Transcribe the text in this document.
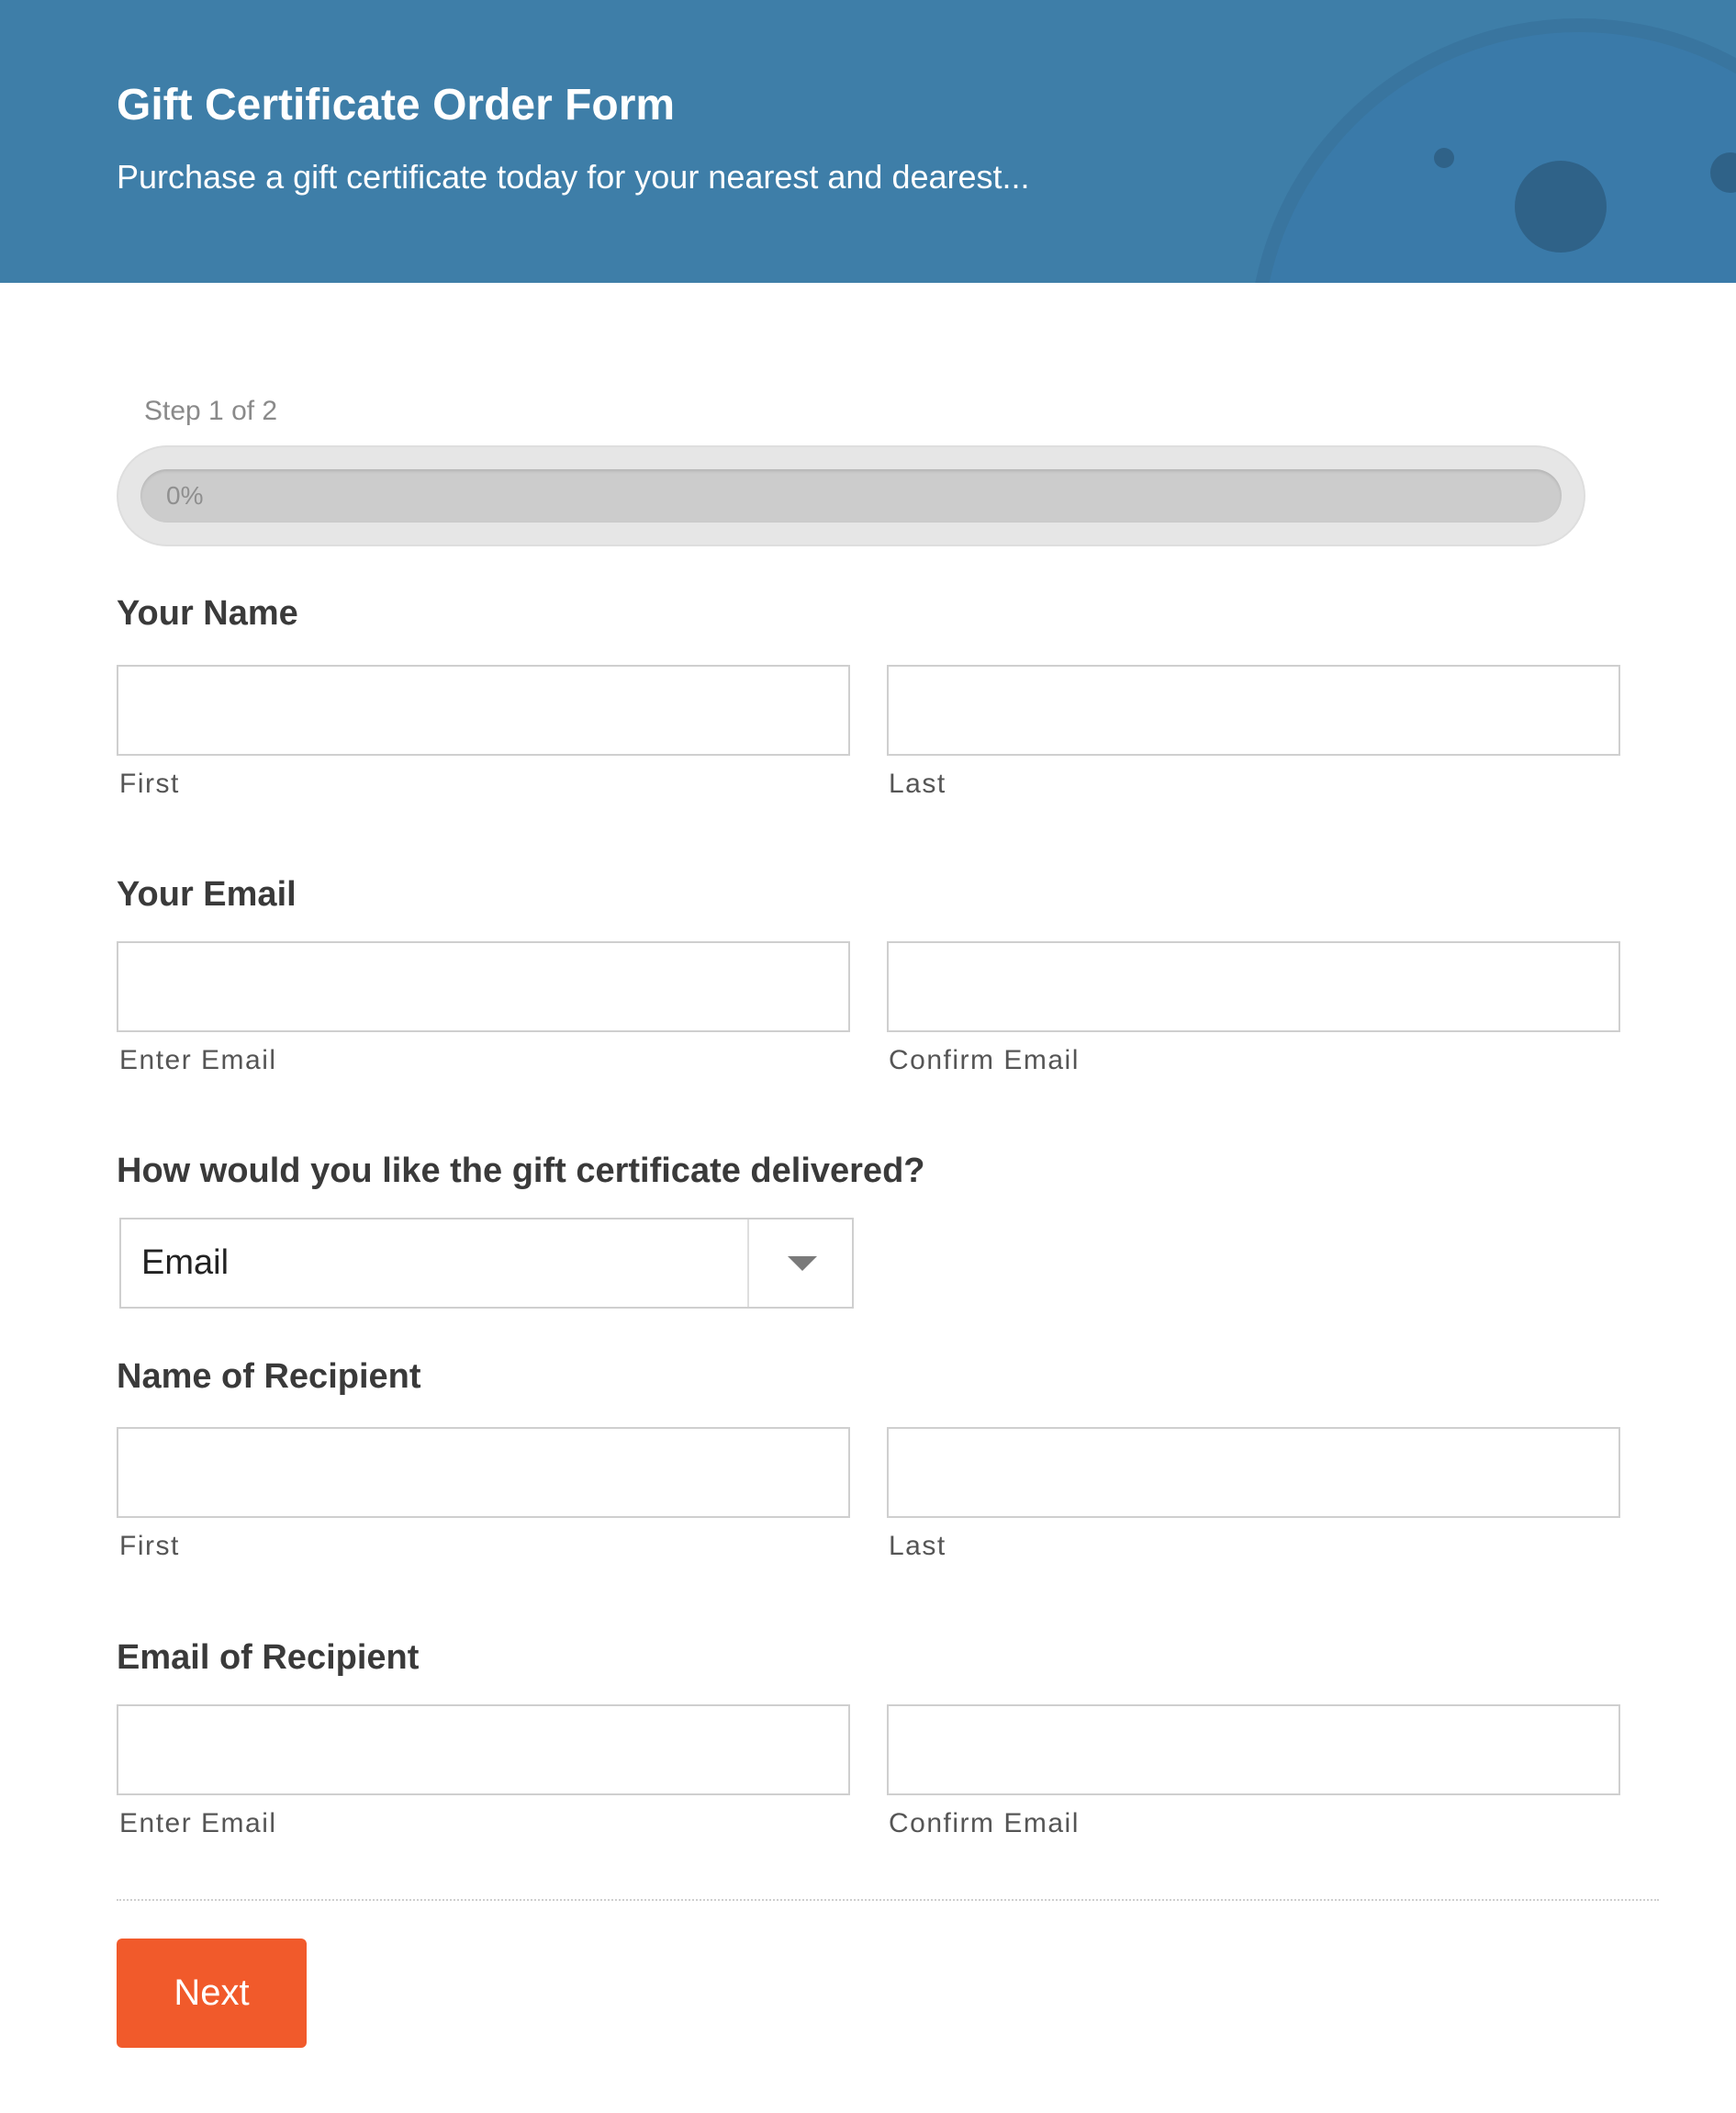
Gift Certificate Order Form

Purchase a gift certificate today for your nearest and dearest...

Step 1 of 2
0%
Your Name
First	Last
Your Email
Enter Email	Confirm Email
How would you like the gift certificate delivered?
Email
Name of Recipient
First	Last
Email of Recipient
Enter Email	Confirm Email
Next
